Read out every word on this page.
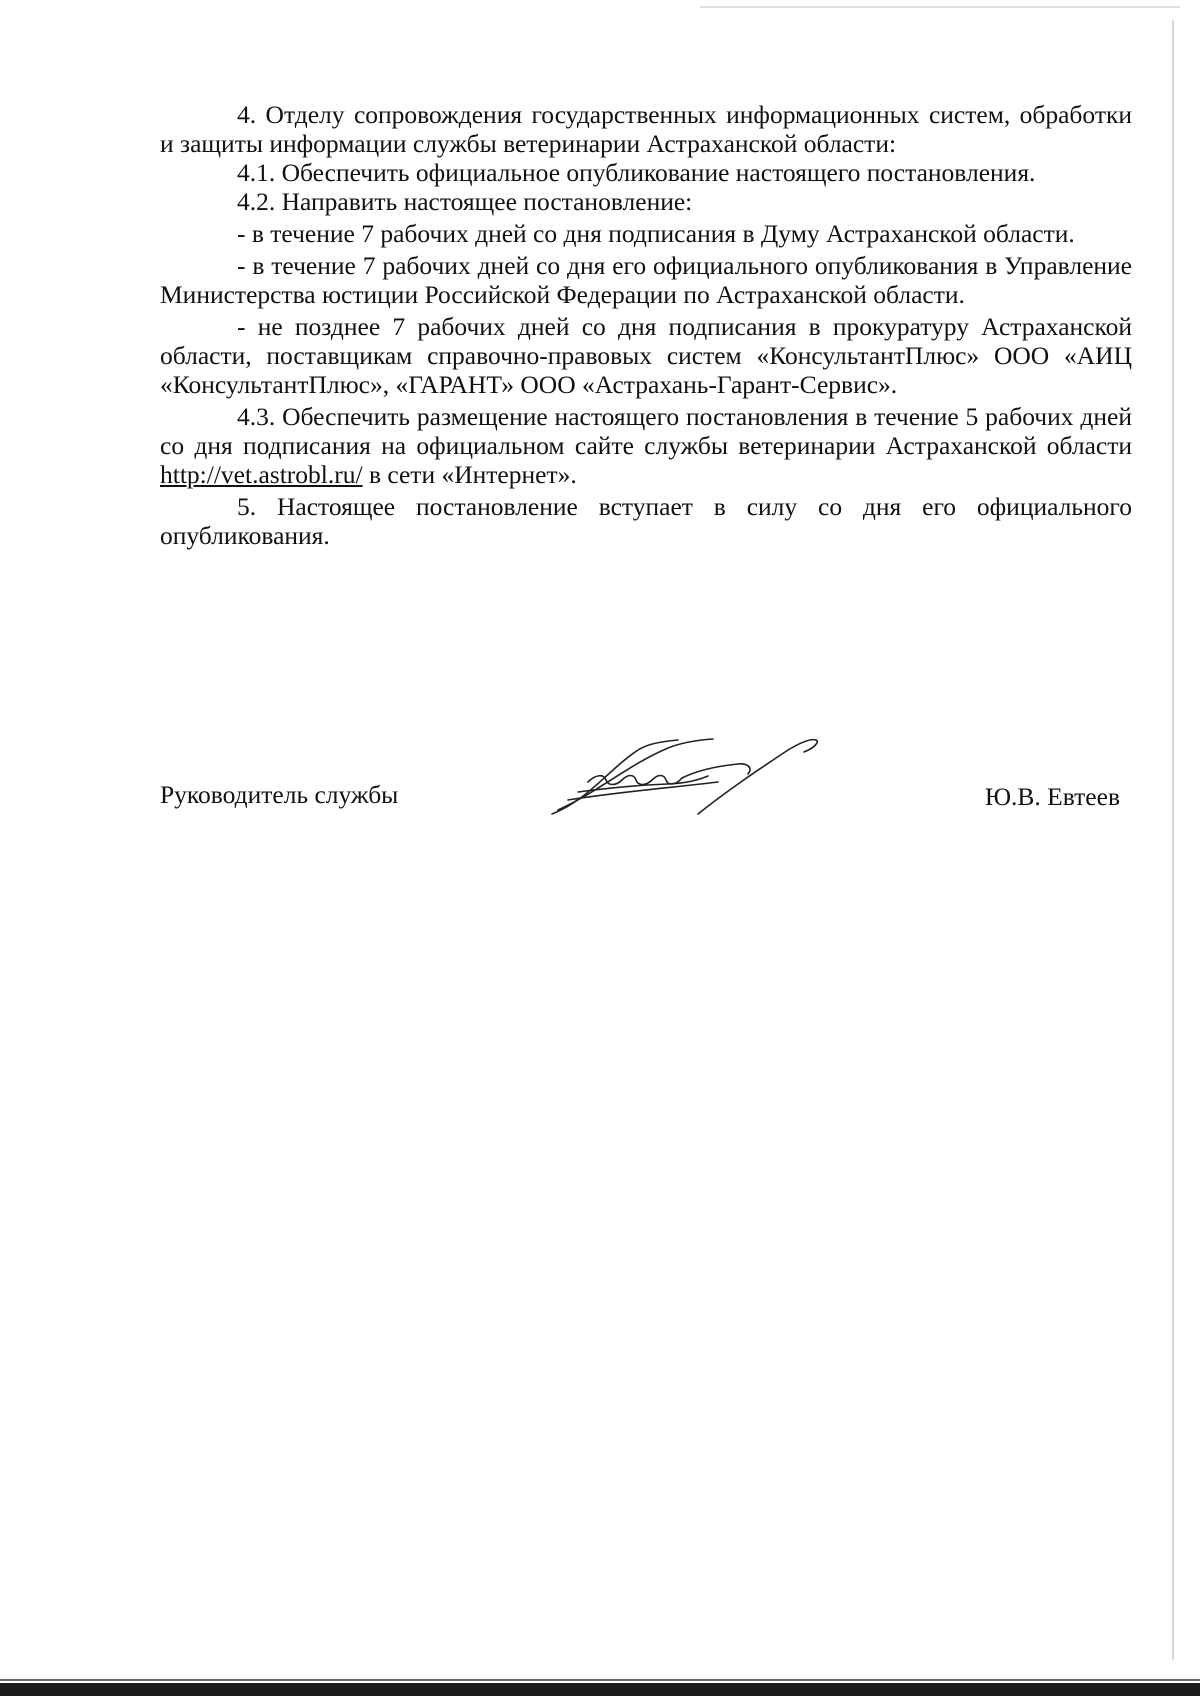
4. Отделу сопровождения государственных информационных систем, обработки и защиты информации службы ветеринарии Астраханской области:

4.1. Обеспечить официальное опубликование настоящего постановления.

4.2. Направить настоящее постановление:

- в течение 7 рабочих дней со дня подписания в Думу Астраханской области.

- в течение 7 рабочих дней со дня его официального опубликования в Управление Министерства юстиции Российской Федерации по Астраханской области.

- не позднее 7 рабочих дней со дня подписания в прокуратуру Астраханской области, поставщикам справочно-правовых систем «КонсультантПлюс» ООО «АИЦ «КонсультантПлюс», «ГАРАНТ» ООО «Астрахань-Гарант-Сервис».

4.3. Обеспечить размещение настоящего постановления в течение 5 рабочих дней со дня подписания на официальном сайте службы ветеринарии Астраханской области http://vet.astrobl.ru/ в сети «Интернет».

5. Настоящее постановление вступает в силу со дня его официального опубликования.

Руководитель службы	Ю.В. Евтеев
